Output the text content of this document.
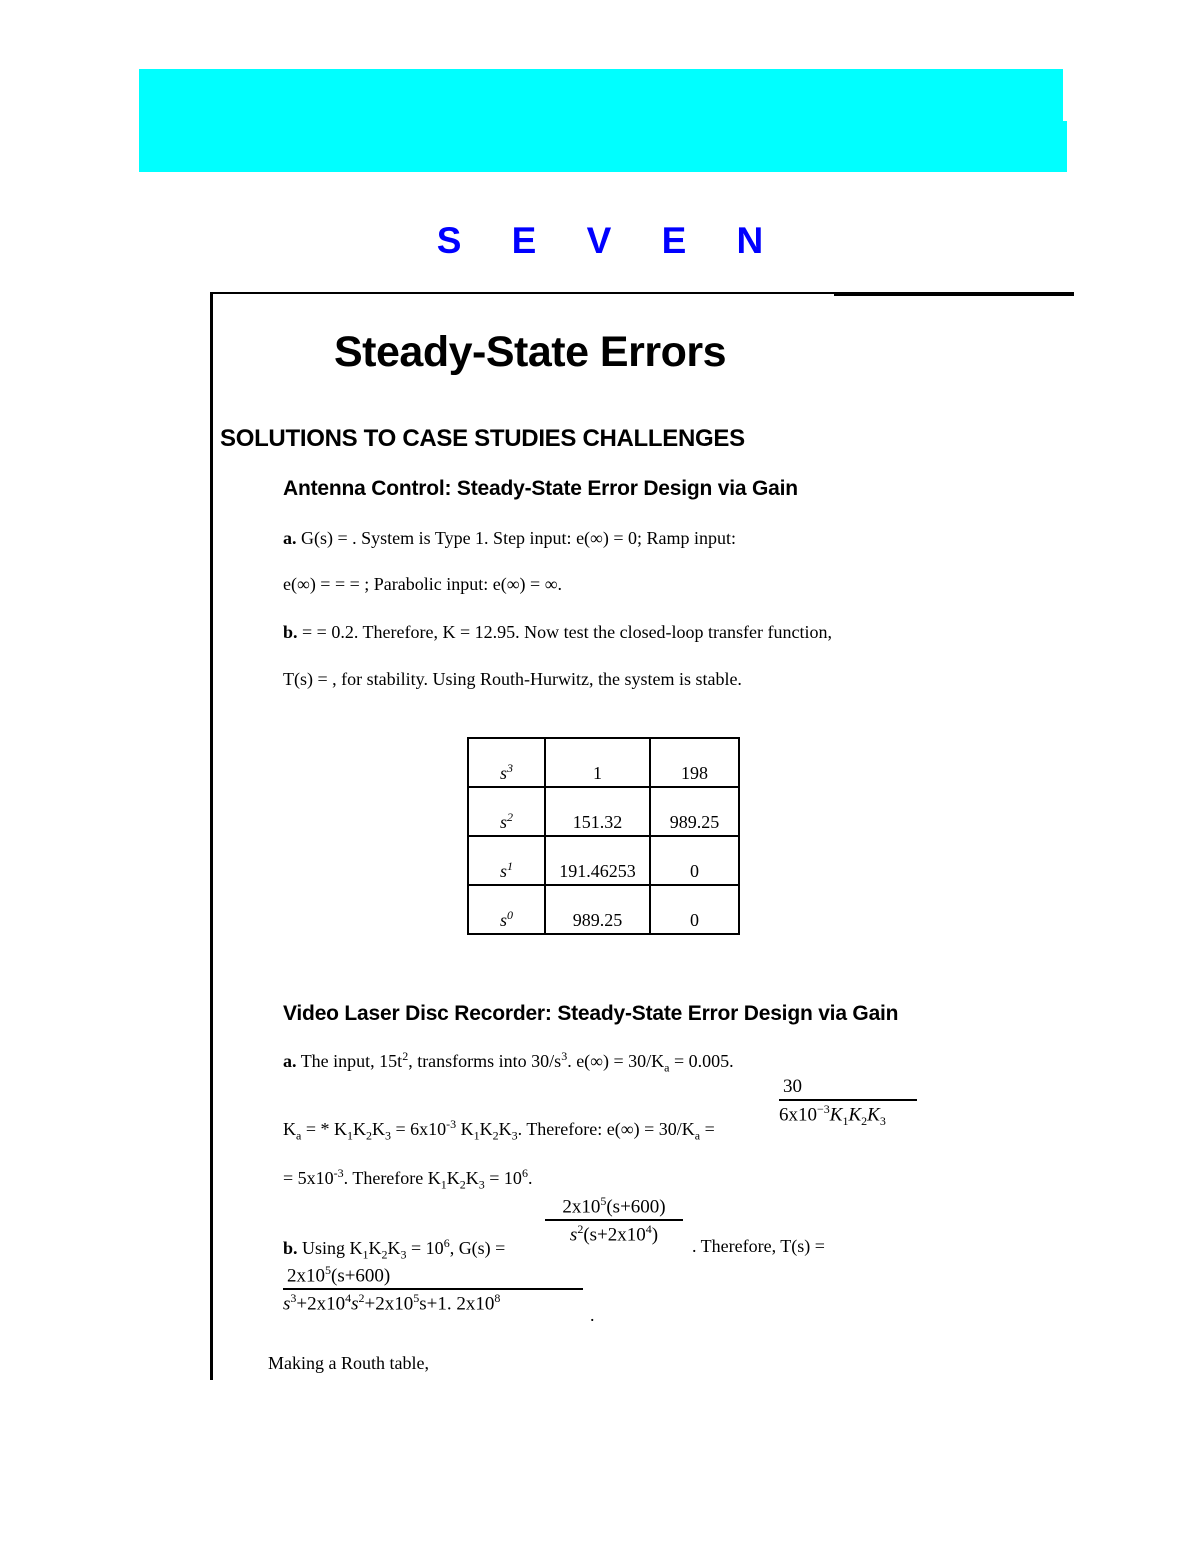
S E V E N
Steady-State Errors
SOLUTIONS TO CASE STUDIES CHALLENGES
Antenna Control: Steady-State Error Design via Gain
a. G(s) = . System is Type 1. Step input: e(∞) = 0; Ramp input:
e(∞) = = = ; Parabolic input: e(∞) = ∞.
b. = = 0.2. Therefore, K = 12.95. Now test the closed-loop transfer function,
T(s) = , for stability. Using Routh-Hurwitz, the system is stable.
$s^3$	1	198
$s^2$	151.32	989.25
$s^1$	191.46253	0
$s^0$	989.25	0
Video Laser Disc Recorder: Steady-State Error Design via Gain
a. The input, $15t^2$, transforms into $30/s^3$. $e(\infty) = 30/K_a = 0.005$.
$K_a$ = * $K_1K_2K_3 = 6x10^{-3}$ $K_1K_2K_3$. Therefore: $e(\infty) = 30/K_a$ =
30
$6x10^{-3}K_1K_2K_3$
= $5x10^{-3}$. Therefore $K_1K_2K_3 = 10^6$.
$2x10^5(s+600)$
$s^2(s+2x10^4)$
b. Using $K_1K_2K_3 = 10^6$, G(s) =	. Therefore, T(s) =
$2x10^5(s+600)$
$s^3+2x10^4s^2+2x10^5s+1$. $2x10^8$
.
Making a Routh table,
